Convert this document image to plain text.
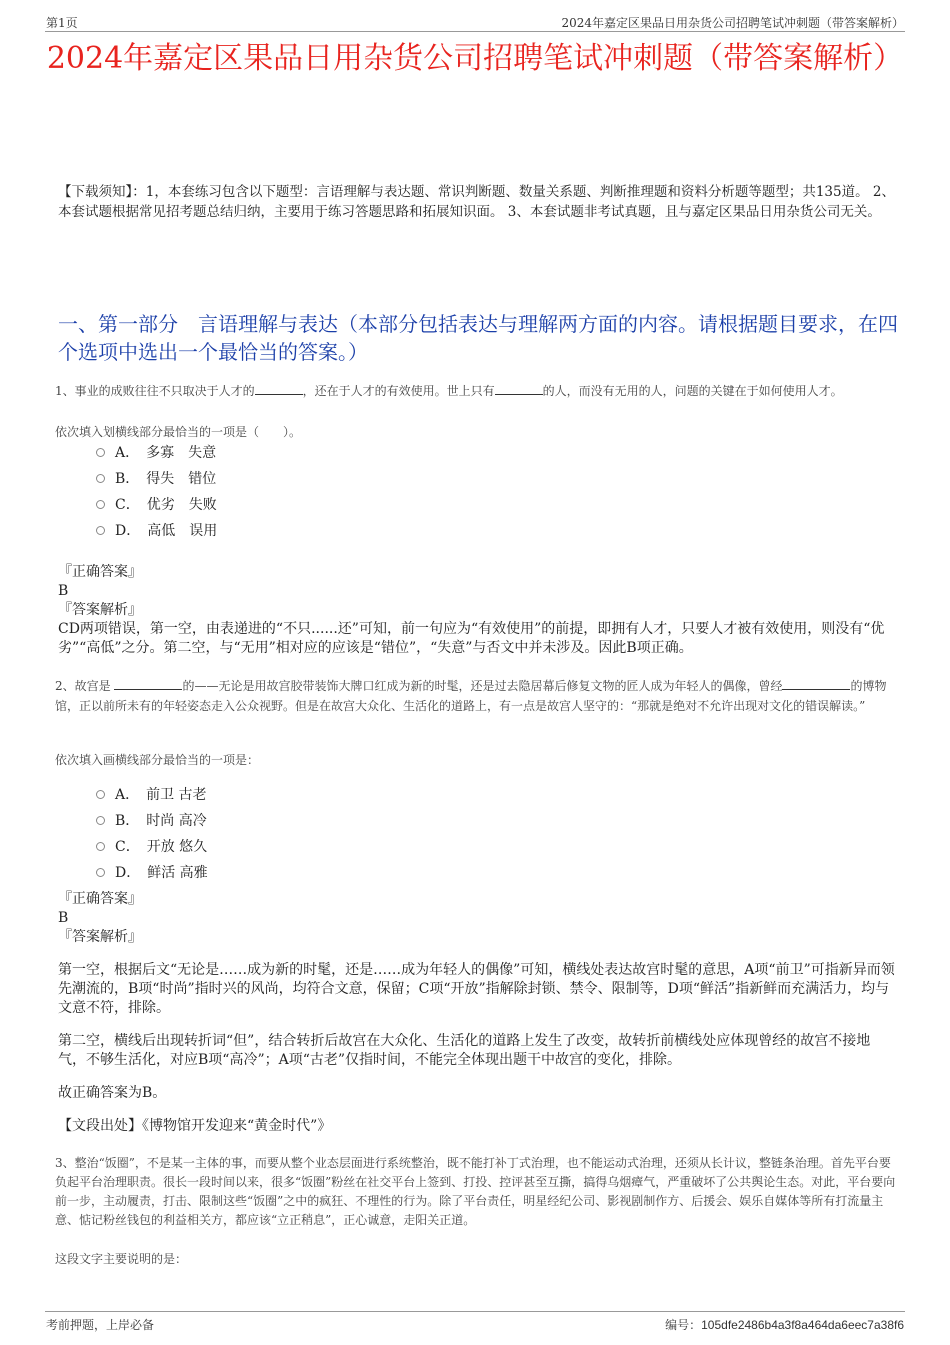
第1页	2024年嘉定区果品日用杂货公司招聘笔试冲刺题（带答案解析）
2024年嘉定区果品日用杂货公司招聘笔试冲刺题（带答案解析）
【下载须知】：1，本套练习包含以下题型：言语理解与表达题、常识判断题、数量关系题、判断推理题和资料分析题等题型；共135道。 2、本套试题根据常见招考题总结归纳，主要用于练习答题思路和拓展知识面。 3、本套试题非考试真题，且与嘉定区果品日用杂货公司无关。
一、第一部分　言语理解与表达（本部分包括表达与理解两方面的内容。请根据题目要求，在四个选项中选出一个最恰当的答案。）
1、事业的成败往往不只取决于人才的	，还在于人才的有效使用。世上只有	的人，而没有无用的人，问题的关键在于如何使用人才。
依次填入划横线部分最恰当的一项是（　　）。
A．　多寡　失意
B．　得失　错位
C．　优劣　失败
D．　高低　误用
『正确答案』
B
『答案解析』
CD两项错误，第一空，由表递进的“不只......还”可知，前一句应为“有效使用”的前提，即拥有人才，只要人才被有效使用，则没有“优劣”“高低”之分。第二空，与“无用”相对应的应该是“错位”，“失意”与否文中并未涉及。因此B项正确。
2、故宫是	的——无论是用故宫胶带装饰大牌口红成为新的时髦，还是过去隐居幕后修复文物的匠人成为年轻人的偶像，曾经	的博物馆，正以前所未有的年轻姿态走入公众视野。但是在故宫大众化、生活化的道路上，有一点是故宫人坚守的：“那就是绝对不允许出现对文化的错误解读。”
依次填入画横线部分最恰当的一项是：
A．　前卫 古老
B．　时尚 高冷
C．　开放 悠久
D．　鲜活 高雅
『正确答案』
B
『答案解析』

第一空，根据后文“无论是……成为新的时髦，还是……成为年轻人的偶像”可知，横线处表达故宫时髦的意思，A项“前卫”可指新异而领先潮流的，B项“时尚”指时兴的风尚，均符合文意，保留；C项“开放”指解除封锁、禁令、限制等，D项“鲜活”指新鲜而充满活力，均与文意不符，排除。

第二空，横线后出现转折词“但”，结合转折后故宫在大众化、生活化的道路上发生了改变，故转折前横线处应体现曾经的故宫不接地气，不够生活化，对应B项“高冷”；A项“古老”仅指时间，不能完全体现出题干中故宫的变化，排除。

故正确答案为B。

【文段出处】《博物馆开发迎来“黄金时代”》

3、整治“饭圈”，不是某一主体的事，而要从整个业态层面进行系统整治，既不能打补丁式治理，也不能运动式治理，还须从长计议，整链条治理。首先平台要负起平台治理职责。很长一段时间以来，很多“饭圈”粉丝在社交平台上签到、打投、控评甚至互撕，搞得乌烟瘴气，严重破坏了公共舆论生态。对此，平台要向前一步，主动履责，打击、限制这些“饭圈”之中的疯狂、不理性的行为。除了平台责任，明星经纪公司、影视剧制作方、后援会、娱乐自媒体等所有打流量主意、惦记粉丝钱包的利益相关方，都应该“立正稍息”，正心诚意，走阳关正道。
这段文字主要说明的是：
考前押题，上岸必备	编号：105dfe2486b4a3f8a464da6eec7a38f6
